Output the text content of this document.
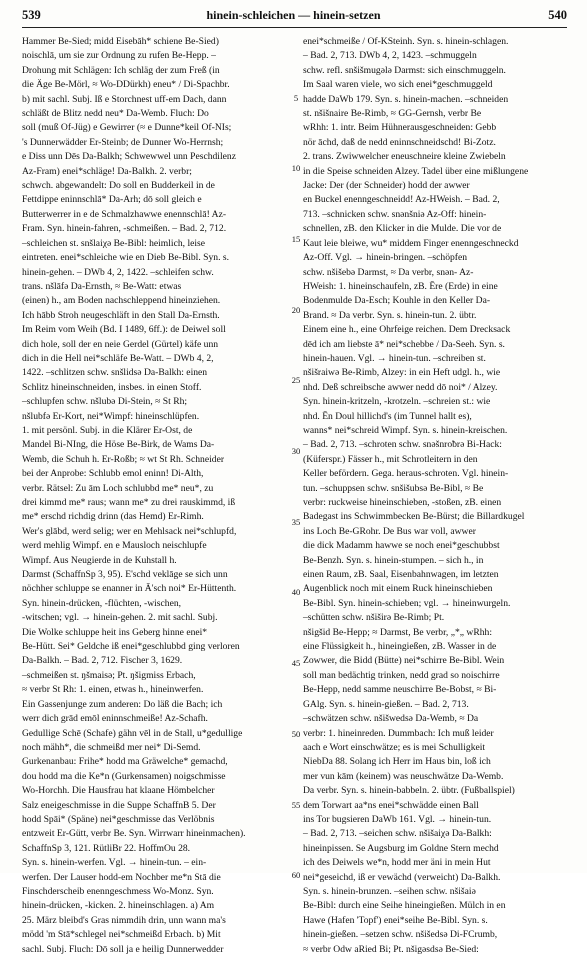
539	hinein-schleichen — hinein-setzen	540
Hammer Be-Sied; midd Eisebāh* schiene Be-Sied)
noischlā, um sie zur Ordnung zu rufen Be-Hepp. –
Drohung mit Schlägen: Ich schläg der zum Freß (in
die Äge Be-Mörl, ≈ Wo-DDürkh) eneu* / Di-Spachbr.
b) mit sachl. Subj. Iß e Storchnest uff-em Dach, dann
schläßt de Blitz nedd neu* Da-Wemb. Fluch: Do
soll (muß Of-Jüg) e Gewirrer (≈ e Dunne*keil Of-NIs;
's Dunnerwädder Er-Steinb; de Dunner Wo-Herrnsh;
e Diss unn Dēs Da-Balkh; Schwewwel unn Peschdilenz
Az-Fram) enei*schläge! Da-Balkh. 2. verbr;
schwch. abgewandelt: Do soll en Budderkeil in de
Fettdippe eninnschlā* Da-Arh; dō soll gleich e
Butterwerrer in e de Schmalzhawwe enennschlā! Az-
Fram. Syn. hinein-fahren, -schmeißen. – Bad. 2, 712.
–schleichen st. snšlaiχə Be-Bibl: heimlich, leise
eintreten. enei*schleiche wie en Dieb Be-Bibl. Syn. s.
hinein-gehen. – DWb 4, 2, 1422. –schleifen schw.
trans. nšlāfə Da-Ernsth, ≈ Be-Watt: etwas
(einen) h., am Boden nachschleppend hineinziehen.
Ich hābb Stroh neugeschläft in den Stall Da-Ernsth.
Im Reim vom Weih (Bd. I 1489, 6ff.): de Deiwel soll
dich hole, soll der en neie Gerdel (Gürtel) käfe unn
dich in die Hell nei*schläfe Be-Watt. – DWb 4, 2,
1422. –schlitzen schw. snšlidsə Da-Balkh: einen
Schlitz hineinschneiden, insbes. in einen Stoff.
–schlupfen schw. nšlubə Di-Stein, ≈ St Rh;
nšlubfə Er-Kort, nei*Wimpf: hineinschlüpfen.
1. mit persönl. Subj. in die Klärer Er-Ost, de
Mandel Bi-NIng, die Höse Be-Birk, de Wams Da-
Wemb, die Schuh h. Er-Roßb; ≈ wt St Rh. Schneider
bei der Anprobe: Schlubb emol eninn! Di-Alth,
verbr. Rätsel: Zu ām Loch schlubbd me* neu*, zu
drei kimmd me* raus; wann me* zu drei rauskimmd, iß
me* erschd richdig drinn (das Hemd) Er-Rimh.
Wer's glābd, werd selig; wer en Mehlsack nei*schlupfd,
werd mehlig Wimpf. en e Mausloch neischlupfe
Wimpf. Aus Neugierde in de Kuhstall h.
Darmst (SchaffnSp 3, 95). E'schd veklāge se sich unn
nöchher schluppe se enanner in Ā'sch noi* Er-Hüttenth.
Syn. hinein-drücken, -flüchten, -wischen,
-witschen; vgl. → hinein-gehen. 2. mit sachl. Subj.
Die Wolke schluppe heit ins Geberg hinne enei*
Be-Hütt. Sei* Geldche iß enei*geschlubbd ging verloren
Da-Balkh. – Bad. 2, 712. Fischer 3, 1629.
–schmeißen st. ŋšmaisə; Pt. ŋšigmiss Erbach,
≈ verbr St Rh: 1. einen, etwas h., hineinwerfen.
Ein Gassenjunge zum anderen: Do läß die Bach; ich
werr dich grād emōl eninnschmeiße! Az-Schafh.
Gedullige Schē (Schafe) gähn vēl in de Stall, u*gedullige
noch mähh*, die schmeißd mer nei* Di-Semd.
Gurkenanbau: Frihe* hodd ma Gräwelche* gemachd,
dou hodd ma die Ke*n (Gurkensamen) noigschmisse
Wo-Horchh. Die Hausfrau hat klaane Hömbelcher
Salz eneigeschmisse in die Suppe SchaffnB 5. Der
hodd Spāi* (Späne) nei*geschmisse das Verlöbnis
entzweit Er-Gütt, verbr Be. Syn. Wirrwarr hineinmachen).
SchaffnSp 3, 121. RütliBr 22. HoffmOu 28.
Syn. s. hinein-werfen. Vgl. → hinein-tun. – ein-
werfen. Der Lauser hodd-em Nochber me*n Stā die
Finschderscheib enenngeschmess Wo-Monz. Syn.
hinein-drücken, -kicken. 2. hineinschlagen. a) Am
25. März bleibd's Gras nimmdih drin, unn wann ma's
mödd 'm Stā*schlegel nei*schmeißd Erbach. b) Mit
sachl. Subj. Fluch: Dō soll ja e heilig Dunnerwedder
5
10
15
20
25
30
35
40
45
50
55
60
enei*schmeiße / Of-KSteinh. Syn. s. hinein-schlagen.
– Bad. 2, 713. DWb 4, 2, 1423. –schmuggeln
schw. refl. snšišmugələ Darmst: sich einschmuggeln.
Im Saal waren viele, wo sich enei*geschmuggeld
hadde DaWb 179. Syn. s. hinein-machen. –schneiden
st. nšišnaire Be-Rimb, ≈ GG-Gernsh, verbr Be
wRhh: 1. intr. Beim Hühnerausgeschneiden: Gebb
nör āchd, daß de nedd eninnschneidschd! Bi-Zotz.
2. trans. Zwiwwelcher eneuschneire kleine Zwiebeln
in die Speise schneiden Alzey. Tadel über eine mißlungene
Jacke: Der (der Schneider) hodd der awwer
en Buckel enenngeschneidd! Az-HWeish. – Bad. 2,
713. –schnicken schw. snənšniə Az-Off: hinein-
schnellen, zB. den Klicker in die Mulde. Die vor de
Kaut leie bleiwe, wu* middem Finger enenngeschneckd
Az-Off. Vgl. → hinein-bringen. –schöpfen
schw. nšišebə Darmst, ≈ Da verbr, snən- Az-
HWeish: 1. hineinschaufeln, zB. Ēre (Erde) in eine
Bodenmulde Da-Esch; Kouhle in den Keller Da-
Brand. ≈ Da verbr. Syn. s. hinein-tun. 2. übtr.
Einem eine h., eine Ohrfeige reichen. Dem Drecksack
dēd ich am liebste ā* nei*schebbe / Da-Seeh. Syn. s.
hinein-hauen. Vgl. → hinein-tun. –schreiben st.
nšišraiwə Be-Rimb, Alzey: in ein Heft udgl. h., wie
nhd. Deß schreibsche awwer nedd dō noi* / Alzey.
Syn. hinein-kritzeln, -krotzeln. –schreien st.: wie
nhd. Ēn Doul hillichd's (im Tunnel hallt es),
wanns* nei*schreid Wimpf. Syn. s. hinein-kreischen.
– Bad. 2, 713. –schroten schw. snəšnroƀrə Bi-Hack:
(Küferspr.) Fässer h., mit Schrotleitern in den
Keller befördern. Gega. heraus-schroten. Vgl. hinein-
tun. –schuppsen schw. snšišubsə Be-Bibl, ≈ Be
verbr: ruckweise hineinschieben, -stoßen, zB. einen
Badegast ins Schwimmbecken Be-Bürst; die Billardkugel
ins Loch Be-GRohr. De Bus war voll, awwer
die dick Madamm hawwe se noch enei*geschubbst
Be-Benzh. Syn. s. hinein-stumpen. – sich h., in
einen Raum, zB. Saal, Eisenbahnwagen, im letzten
Augenblick noch mit einem Ruck hineinschieben
Be-Bibl. Syn. hinein-schieben; vgl. → hineinwurgeln.
–schütten schw. nšiširə Be-Rimb; Pt.
nšigšid Be-Hepp; ≈ Darmst, Be verbr, „*„ wRhh:
eine Flüssigkeit h., hineingießen, zB. Wasser in de
Zowwer, die Bidd (Bütte) nei*schirre Be-Bibl. Wein
soll man bedächtig trinken, nedd grad so noischirre
Be-Hepp, nedd samme neuschirre Be-Bobst, ≈ Bi-
GAlg. Syn. s. hinein-gießen. – Bad. 2, 713.
–schwätzen schw. nšišwedsə Da-Wemb, ≈ Da
verbr: 1. hineinreden. Dummbach: Ich muß leider
aach e Wort einschwätze; es is mei Schulligkeit
NiebDa 88. Solang ich Herr im Haus bin, loß ich
mer vun kām (keinem) was neuschwätze Da-Wemb.
Da verbr. Syn. s. hinein-babbeln. 2. übtr. (Fußballspiel)
dem Torwart aa*ns enei*schwädde einen Ball
ins Tor bugsieren DaWb 161. Vgl. → hinein-tun.
– Bad. 2, 713. –seichen schw. nšišaiχə Da-Balkh:
hineinpissen. Se Augsburg im Goldne Stern mechd
ich des Deiwels we*n, hodd mer äni in mein Hut
nei*geseichd, iß er vewächd (verweicht) Da-Balkh.
Syn. s. hinein-brunzen. –seihen schw. nšišaiə
Be-Bibl: durch eine Seihe hineingießen. Mülch in en
Hawe (Hafen 'Topf') enei*seihe Be-Bibl. Syn. s.
hinein-gießen. –setzen schw. nšišedsə Di-FCrumb,
≈ verbr Odw aRied Bi; Pt. nšigəsdsə Be-Sied:
